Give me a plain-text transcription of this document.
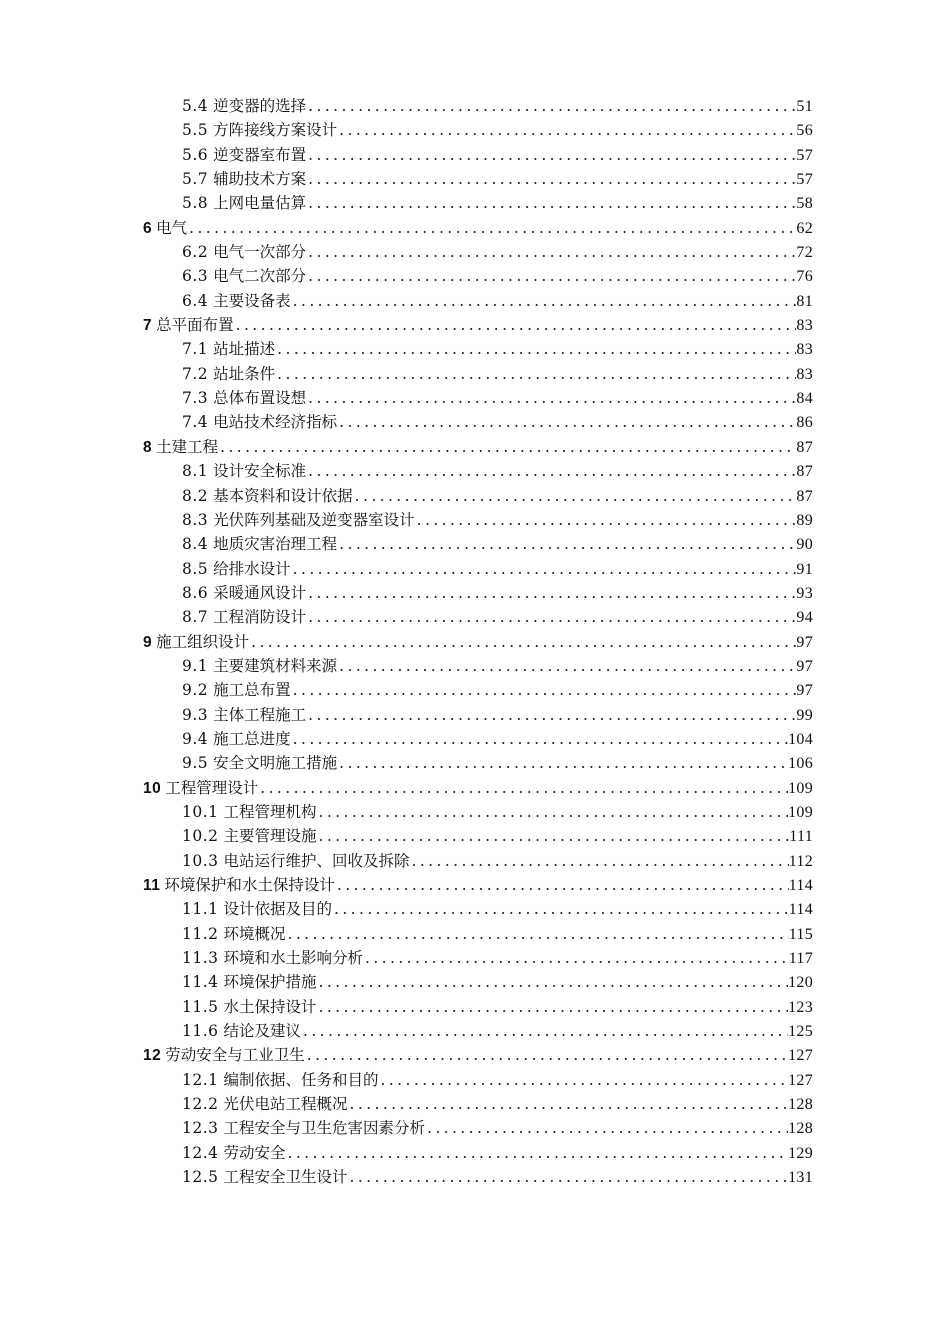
5.4 逆变器的选择 .....	51
5.5 方阵接线方案设计 .....	56
5.6 逆变器室布置 .....	57
5.7 辅助技术方案 .....	57
5.8 上网电量估算 .....	58
6 电气 .....	62
6.2 电气一次部分 .....	72
6.3 电气二次部分 .....	76
6.4 主要设备表 .....	81
7 总平面布置 .....	83
7.1 站址描述 .....	83
7.2 站址条件 .....	83
7.3 总体布置设想 .....	84
7.4 电站技术经济指标 .....	86
8 土建工程 .....	87
8.1 设计安全标准 .....	87
8.2 基本资料和设计依据 .....	87
8.3 光伏阵列基础及逆变器室设计 .....	89
8.4 地质灾害治理工程 .....	90
8.5 给排水设计 .....	91
8.6 采暖通风设计 .....	93
8.7 工程消防设计 .....	94
9 施工组织设计 .....	97
9.1 主要建筑材料来源 .....	97
9.2 施工总布置 .....	97
9.3 主体工程施工 .....	99
9.4 施工总进度 .....	104
9.5 安全文明施工措施 .....	106
10 工程管理设计 .....	109
10.1 工程管理机构 .....	109
10.2 主要管理设施 .....	111
10.3 电站运行维护、回收及拆除 .....	112
11 环境保护和水土保持设计 .....	114
11.1 设计依据及目的 .....	114
11.2 环境概况 .....	115
11.3 环境和水土影响分析 .....	117
11.4 环境保护措施 .....	120
11.5 水土保持设计 .....	123
11.6 结论及建议 .....	125
12 劳动安全与工业卫生 .....	127
12.1 编制依据、任务和目的 .....	127
12.2 光伏电站工程概况 .....	128
12.3 工程安全与卫生危害因素分析 .....	128
12.4 劳动安全 .....	129
12.5 工程安全卫生设计 .....	131
